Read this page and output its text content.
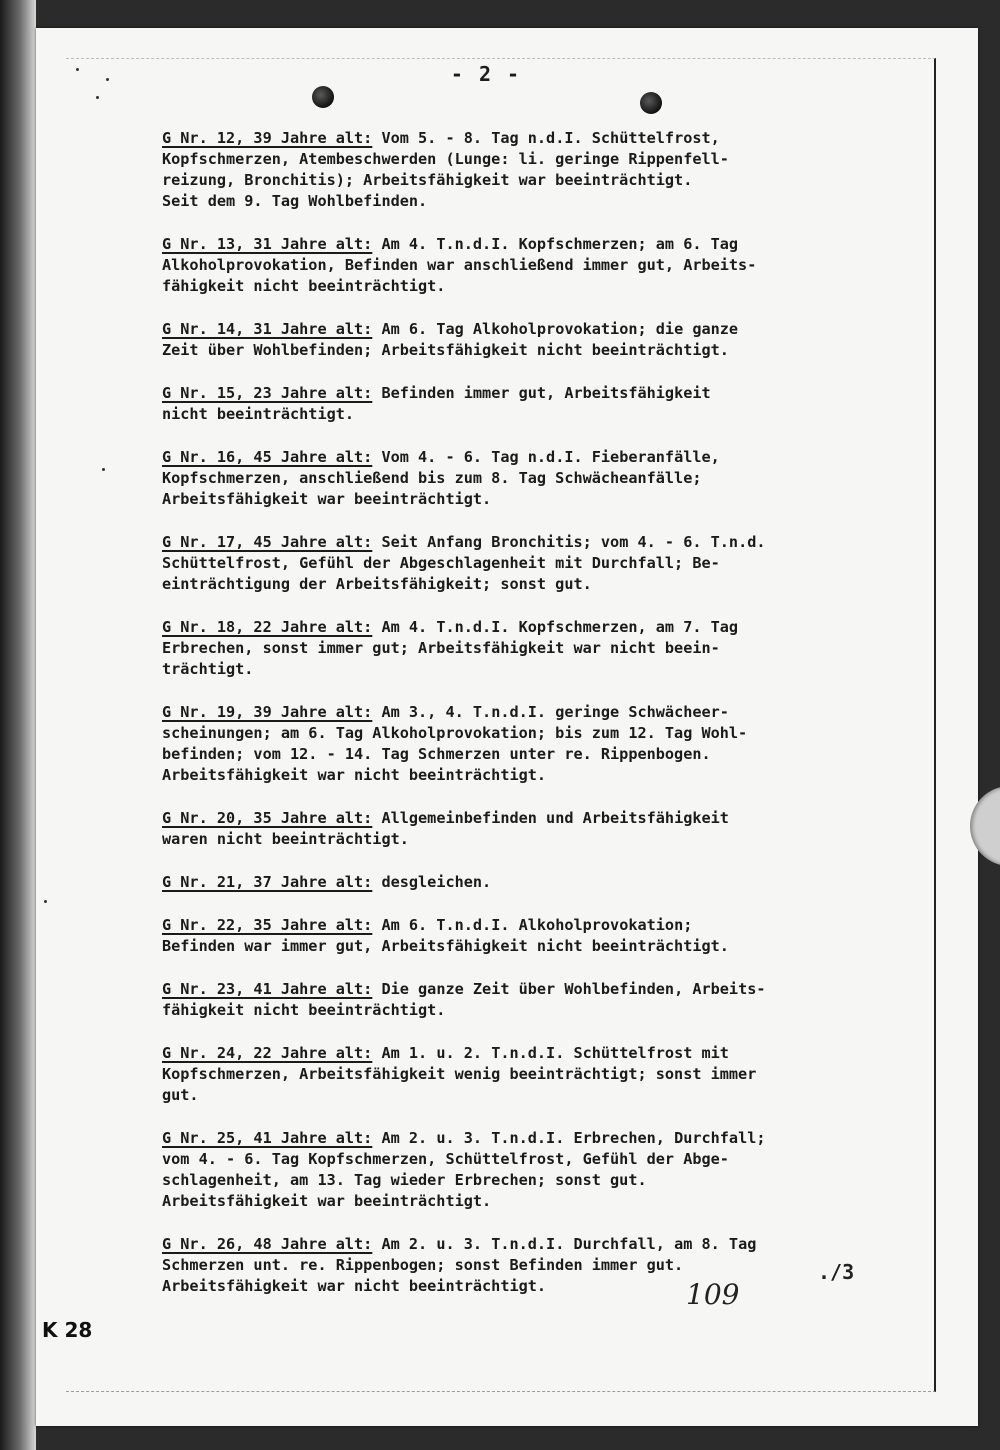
- 2 -
G Nr. 12, 39 Jahre alt: Vom 5. - 8. Tag n.d.I. Schüttelfrost,
Kopfschmerzen, Atembeschwerden (Lunge: li. geringe Rippenfell-
reizung, Bronchitis); Arbeitsfähigkeit war beeinträchtigt.
Seit dem 9. Tag Wohlbefinden.
G Nr. 13, 31 Jahre alt: Am 4. T.n.d.I. Kopfschmerzen; am 6. Tag
Alkoholprovokation, Befinden war anschließend immer gut, Arbeits-
fähigkeit nicht beeinträchtigt.
G Nr. 14, 31 Jahre alt: Am 6. Tag Alkoholprovokation; die ganze
Zeit über Wohlbefinden; Arbeitsfähigkeit nicht beeinträchtigt.
G Nr. 15, 23 Jahre alt: Befinden immer gut, Arbeitsfähigkeit
nicht beeinträchtigt.
G Nr. 16, 45 Jahre alt: Vom 4. - 6. Tag n.d.I. Fieberanfälle,
Kopfschmerzen, anschließend bis zum 8. Tag Schwächeanfälle;
Arbeitsfähigkeit war beeinträchtigt.
G Nr. 17, 45 Jahre alt: Seit Anfang Bronchitis; vom 4. - 6. T.n.d.
Schüttelfrost, Gefühl der Abgeschlagenheit mit Durchfall; Be-
einträchtigung der Arbeitsfähigkeit; sonst gut.
G Nr. 18, 22 Jahre alt: Am 4. T.n.d.I. Kopfschmerzen, am 7. Tag
Erbrechen, sonst immer gut; Arbeitsfähigkeit war nicht beein-
trächtigt.
G Nr. 19, 39 Jahre alt: Am 3., 4. T.n.d.I. geringe Schwächeer-
scheinungen; am 6. Tag Alkoholprovokation; bis zum 12. Tag Wohl-
befinden; vom 12. - 14. Tag Schmerzen unter re. Rippenbogen.
Arbeitsfähigkeit war nicht beeinträchtigt.
G Nr. 20, 35 Jahre alt: Allgemeinbefinden und Arbeitsfähigkeit
waren nicht beeinträchtigt.
G Nr. 21, 37 Jahre alt: desgleichen.
G Nr. 22, 35 Jahre alt: Am 6. T.n.d.I. Alkoholprovokation;
Befinden war immer gut, Arbeitsfähigkeit nicht beeinträchtigt.
G Nr. 23, 41 Jahre alt: Die ganze Zeit über Wohlbefinden, Arbeits-
fähigkeit nicht beeinträchtigt.
G Nr. 24, 22 Jahre alt: Am 1. u. 2. T.n.d.I. Schüttelfrost mit
Kopfschmerzen, Arbeitsfähigkeit wenig beeinträchtigt; sonst immer
gut.
G Nr. 25, 41 Jahre alt: Am 2. u. 3. T.n.d.I. Erbrechen, Durchfall;
vom 4. - 6. Tag Kopfschmerzen, Schüttelfrost, Gefühl der Abge-
schlagenheit, am 13. Tag wieder Erbrechen; sonst gut.
Arbeitsfähigkeit war beeinträchtigt.
G Nr. 26, 48 Jahre alt: Am 2. u. 3. T.n.d.I. Durchfall, am 8. Tag
Schmerzen unt. re. Rippenbogen; sonst Befinden immer gut.
Arbeitsfähigkeit war nicht beeinträchtigt.
K 28
109
./3
